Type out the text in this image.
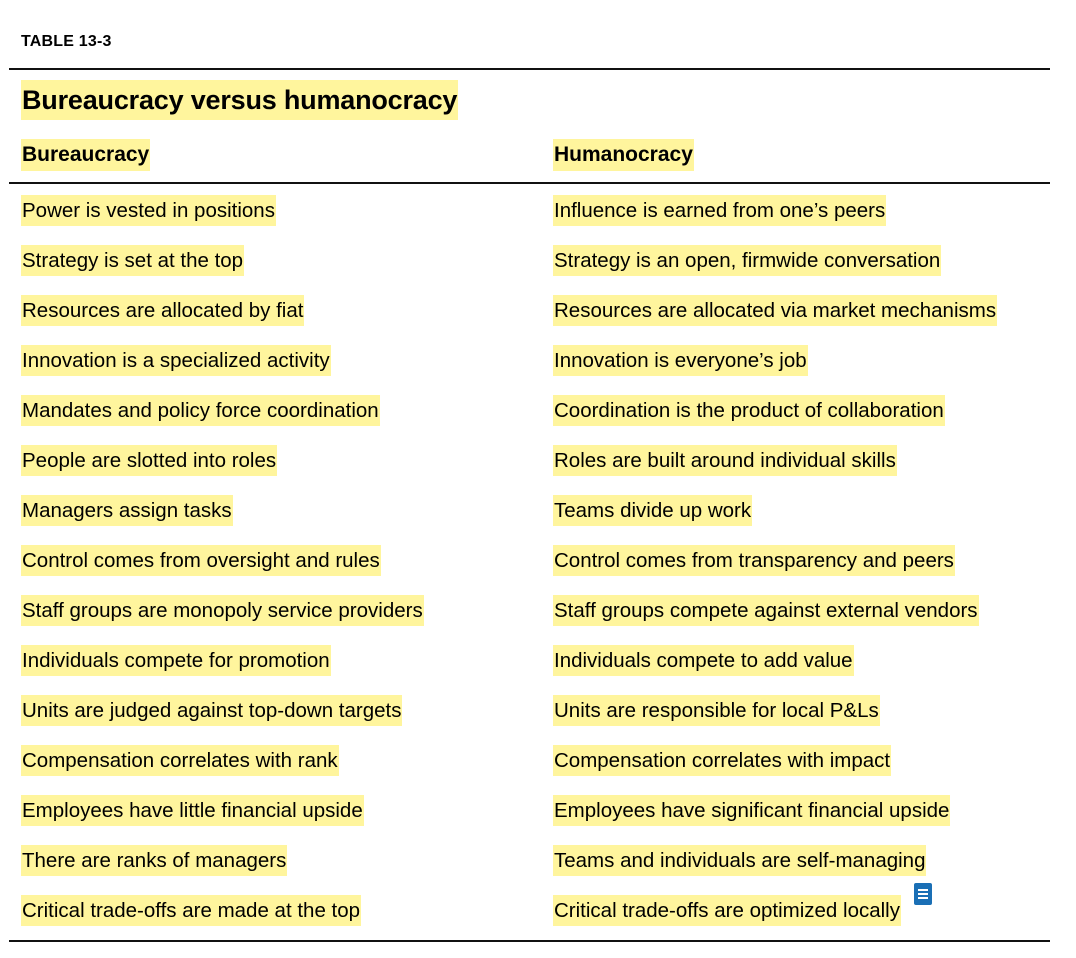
TABLE 13-3
Bureaucracy versus humanocracy
Bureaucracy	Humanocracy
Power is vested in positions	Influence is earned from one’s peers
Strategy is set at the top	Strategy is an open, firmwide conversation
Resources are allocated by fiat	Resources are allocated via market mechanisms
Innovation is a specialized activity	Innovation is everyone’s job
Mandates and policy force coordination	Coordination is the product of collaboration
People are slotted into roles	Roles are built around individual skills
Managers assign tasks	Teams divide up work
Control comes from oversight and rules	Control comes from transparency and peers
Staff groups are monopoly service providers	Staff groups compete against external vendors
Individuals compete for promotion	Individuals compete to add value
Units are judged against top-down targets	Units are responsible for local P&Ls
Compensation correlates with rank	Compensation correlates with impact
Employees have little financial upside	Employees have significant financial upside
There are ranks of managers	Teams and individuals are self-managing
Critical trade-offs are made at the top	Critical trade-offs are optimized locally
